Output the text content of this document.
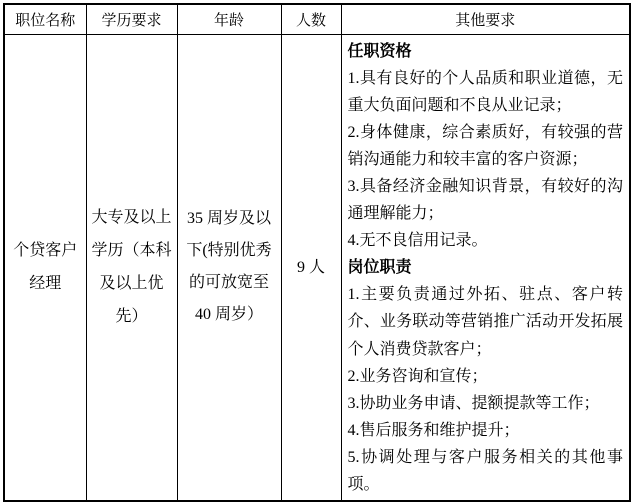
职位名称	学历要求	年龄	人数	其他要求
个贷客户经理	大专及以上学历（本科及以上优先）	35 周岁及以下(特别优秀的可放宽至 40 周岁）	9 人	
任职资格
1.具有良好的个人品质和职业道德，无重大负面问题和不良从业记录；
2.身体健康，综合素质好，有较强的营销沟通能力和较丰富的客户资源；
3.具备经济金融知识背景，有较好的沟通理解能力；
4.无不良信用记录。
岗位职责
1.主要负责通过外拓、驻点、客户转介、业务联动等营销推广活动开发拓展个人消费贷款客户；
2.业务咨询和宣传；
3.协助业务申请、提额提款等工作；
4.售后服务和维护提升；
5.协调处理与客户服务相关的其他事项。
